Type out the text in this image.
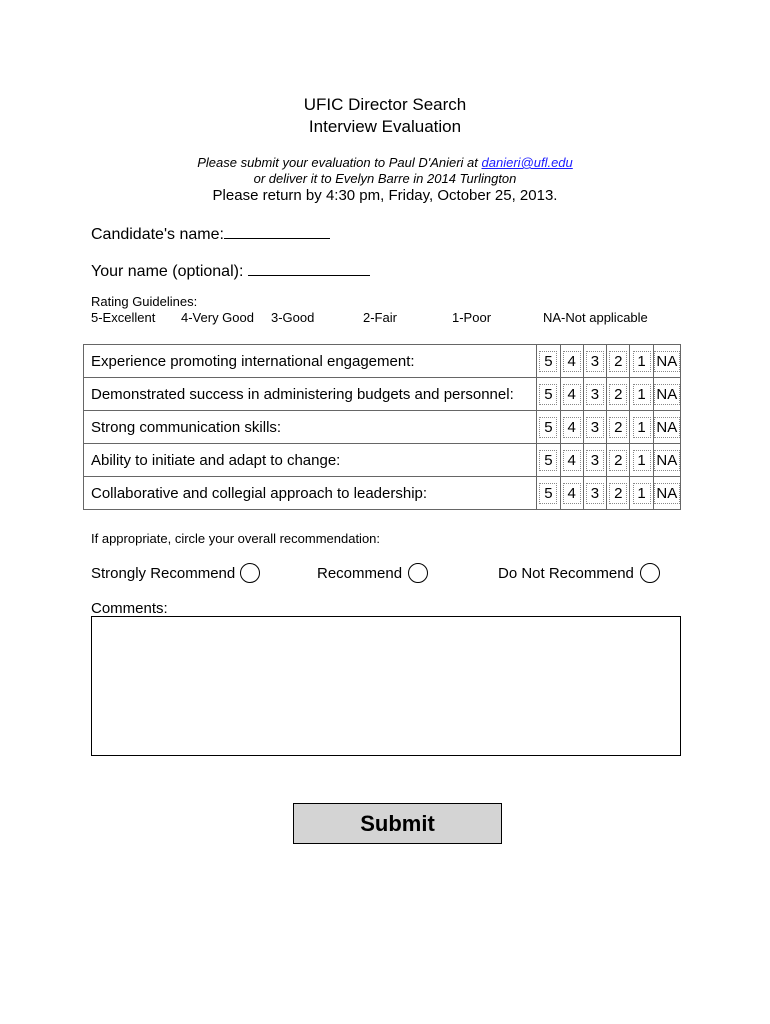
UFIC Director Search
Interview Evaluation
Please submit your evaluation to Paul D'Anieri at danieri@ufl.edu
or deliver it to Evelyn Barre in 2014 Turlington
Please return by 4:30 pm, Friday, October 25, 2013.
Candidate's name:
Your name (optional):
Rating Guidelines:
5-Excellent 4-Very Good 3-Good	2-Fair	1-Poor	NA-Not applicable
Experience promoting international engagement:	5	4	3	2	1	NA
Demonstrated success in administering budgets and personnel:	5	4	3	2	1	NA
Strong communication skills:	5	4	3	2	1	NA
Ability to initiate and adapt to change:	5	4	3	2	1	NA
Collaborative and collegial approach to leadership:	5	4	3	2	1	NA
If appropriate, circle your overall recommendation:
Strongly Recommend	Recommend	Do Not Recommend
Comments:
Submit
